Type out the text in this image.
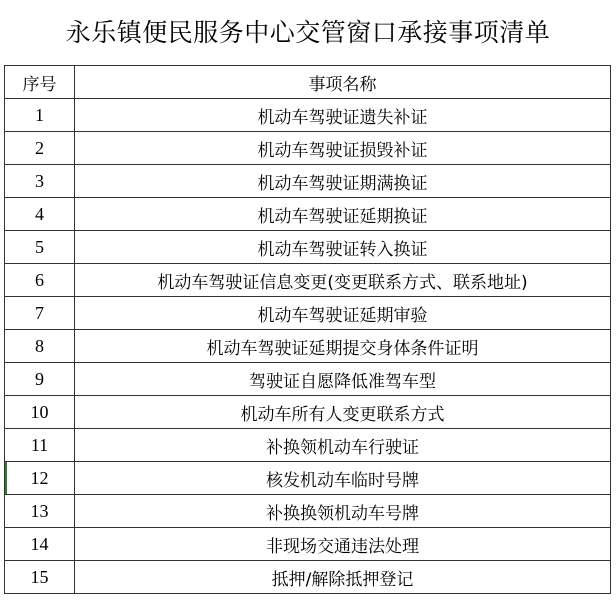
永乐镇便民服务中心交管窗口承接事项清单
序号	事项名称
1	机动车驾驶证遗失补证
2	机动车驾驶证损毁补证
3	机动车驾驶证期满换证
4	机动车驾驶证延期换证
5	机动车驾驶证转入换证
6	机动车驾驶证信息变更(变更联系方式、联系地址)
7	机动车驾驶证延期审验
8	机动车驾驶证延期提交身体条件证明
9	驾驶证自愿降低准驾车型
10	机动车所有人变更联系方式
11	补换领机动车行驶证
12	核发机动车临时号牌
13	补换换领机动车号牌
14	非现场交通违法处理
15	抵押/解除抵押登记
